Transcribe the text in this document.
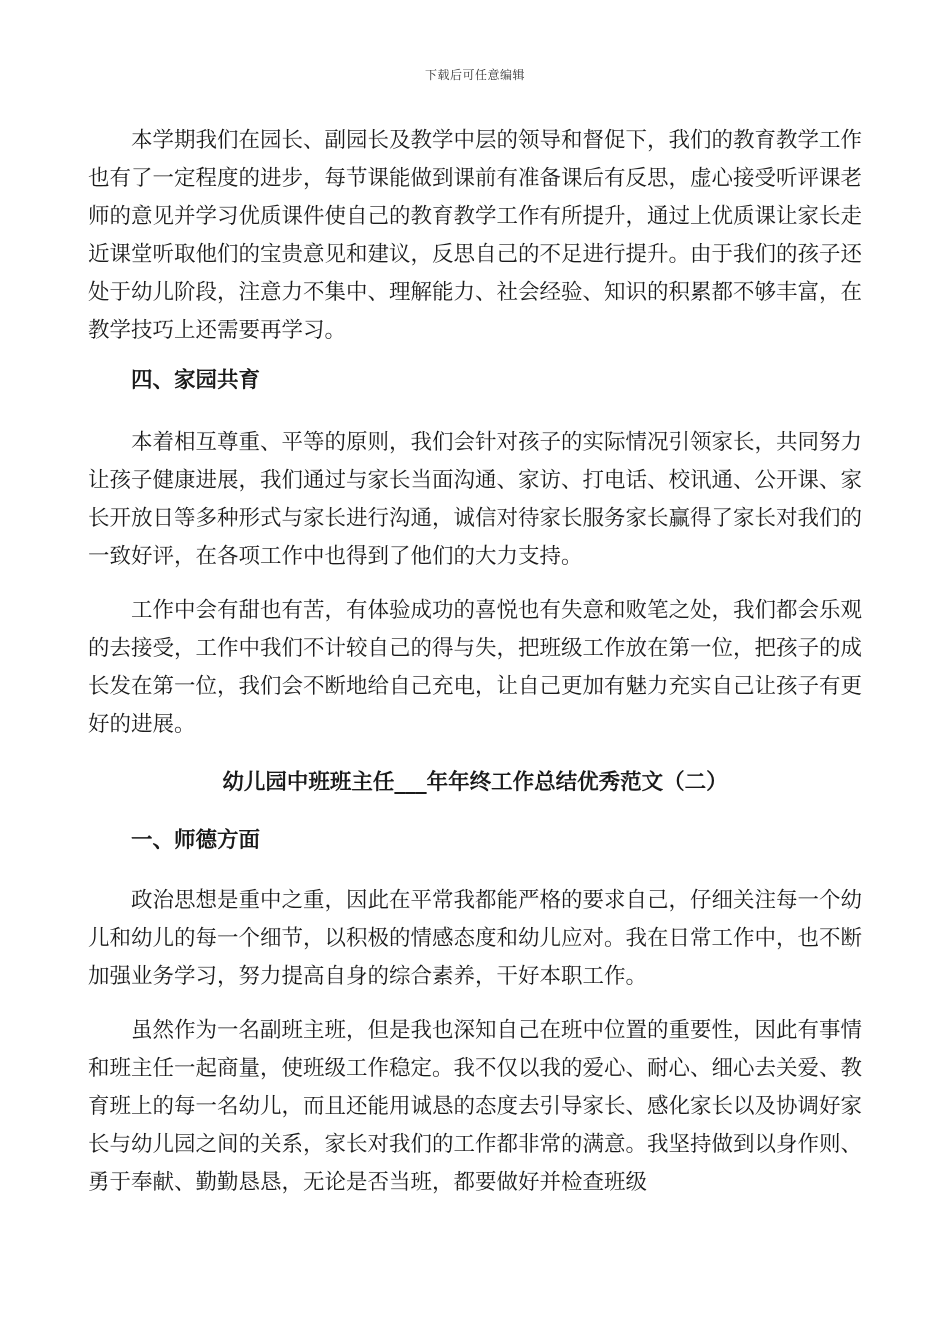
下载后可任意编辑

本学期我们在园长、副园长及教学中层的领导和督促下，我们的教育教学工作也有了一定程度的进步，每节课能做到课前有准备课后有反思，虚心接受听评课老师的意见并学习优质课件使自己的教育教学工作有所提升，通过上优质课让家长走近课堂听取他们的宝贵意见和建议，反思自己的不足进行提升。由于我们的孩子还处于幼儿阶段，注意力不集中、理解能力、社会经验、知识的积累都不够丰富，在教学技巧上还需要再学习。

四、家园共育

本着相互尊重、平等的原则，我们会针对孩子的实际情况引领家长，共同努力让孩子健康进展，我们通过与家长当面沟通、家访、打电话、校讯通、公开课、家长开放日等多种形式与家长进行沟通，诚信对待家长服务家长赢得了家长对我们的一致好评，在各项工作中也得到了他们的大力支持。

工作中会有甜也有苦，有体验成功的喜悦也有失意和败笔之处，我们都会乐观的去接受，工作中我们不计较自己的得与失，把班级工作放在第一位，把孩子的成长发在第一位，我们会不断地给自己充电，让自己更加有魅力充实自己让孩子有更好的进展。

幼儿园中班班主任___年年终工作总结优秀范文（二）
一、师德方面

政治思想是重中之重，因此在平常我都能严格的要求自己，仔细关注每一个幼儿和幼儿的每一个细节，以积极的情感态度和幼儿应对。我在日常工作中，也不断加强业务学习，努力提高自身的综合素养，干好本职工作。

虽然作为一名副班主班，但是我也深知自己在班中位置的重要性，因此有事情和班主任一起商量，使班级工作稳定。我不仅以我的爱心、耐心、细心去关爱、教育班上的每一名幼儿，而且还能用诚恳的态度去引导家长、感化家长以及协调好家长与幼儿园之间的关系，家长对我们的工作都非常的满意。我坚持做到以身作则、勇于奉献、勤勤恳恳，无论是否当班，都要做好并检查班级
